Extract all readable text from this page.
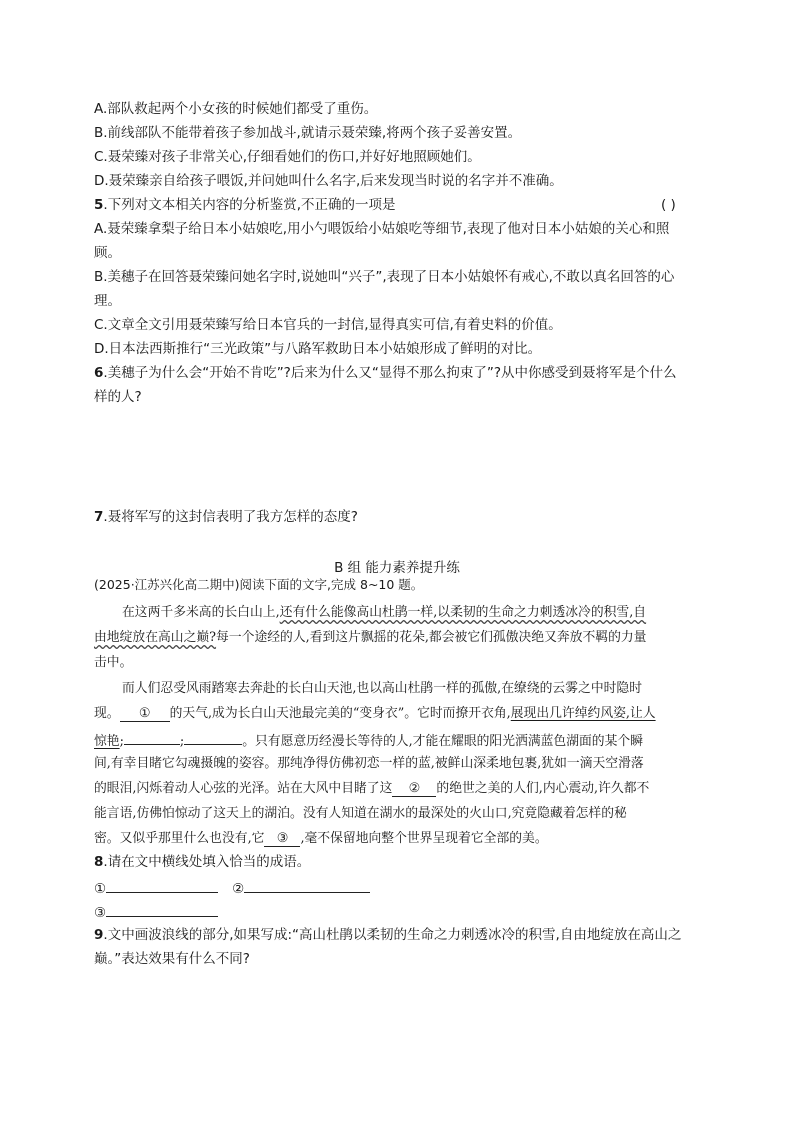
A.部队救起两个小女孩的时候她们都受了重伤。
B.前线部队不能带着孩子参加战斗,就请示聂荣臻,将两个孩子妥善安置。
C.聂荣臻对孩子非常关心,仔细看她们的伤口,并好好地照顾她们。
D.聂荣臻亲自给孩子喂饭,并问她叫什么名字,后来发现当时说的名字并不准确。
5.下列对文本相关内容的分析鉴赏,不正确的一项是	( )
A.聂荣臻拿梨子给日本小姑娘吃,用小勺喂饭给小姑娘吃等细节,表现了他对日本小姑娘的关心和照
顾。
B.美穗子在回答聂荣臻问她名字时,说她叫“兴子”,表现了日本小姑娘怀有戒心,不敢以真名回答的心
理。
C.文章全文引用聂荣臻写给日本官兵的一封信,显得真实可信,有着史料的价值。
D.日本法西斯推行“三光政策”与八路军救助日本小姑娘形成了鲜明的对比。
6.美穗子为什么会“开始不肯吃”?后来为什么又“显得不那么拘束了”?从中你感受到聂将军是个什么
样的人?
7.聂将军写的这封信表明了我方怎样的态度?
B 组 能力素养提升练
(2025·江苏兴化高二期中)阅读下面的文字,完成 8~10 题。
在这两千多米高的长白山上,还有什么能像高山杜鹃一样,以柔韧的生命之力刺透冰冷的积雪,自
由地绽放在高山之巅?每一个途经的人,看到这片飘摇的花朵,都会被它们孤傲决绝又奔放不羁的力量
击中。
而人们忍受风雨踏寒去奔赴的长白山天池,也以高山杜鹃一样的孤傲,在缭绕的云雾之中时隐时
现。 ① 的天气,成为长白山天池最完美的“变身衣”。它时而撩开衣角,展现出几许绰约风姿,让人
惊艳;	;	。只有愿意历经漫长等待的人,才能在耀眼的阳光洒满蓝色湖面的某个瞬
间,有幸目睹它勾魂摄魄的姿容。那纯净得仿佛初恋一样的蓝,被鲜山深柔地包裹,犹如一滴天空滑落
的眼泪,闪烁着动人心弦的光泽。站在大风中目睹了这 ② 的绝世之美的人们,内心震动,许久都不
能言语,仿佛怕惊动了这天上的湖泊。没有人知道在湖水的最深处的火山口,究竟隐藏着怎样的秘
密。又似乎那里什么也没有,它 ③ ,毫不保留地向整个世界呈现着它全部的美。
8.请在文中横线处填入恰当的成语。
①	②
③
9.文中画波浪线的部分,如果写成:“高山杜鹃以柔韧的生命之力刺透冰冷的积雪,自由地绽放在高山之
巅。”表达效果有什么不同?
